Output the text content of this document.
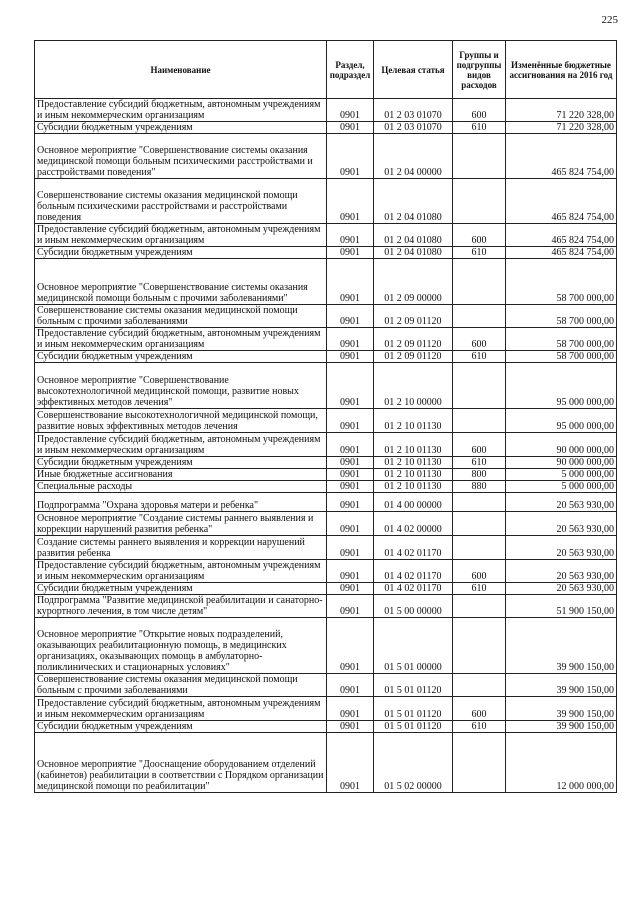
225
Наименование	Раздел, подраздел	Целевая статья	Группы и подгруппы видов расходов	Изменённые бюджетные ассигнования на 2016 год
Предоставление субсидий бюджетным, автономным учреждениям и иным некоммерческим организациям	0901	01 2 03 01070	600	71 220 328,00
Субсидии бюджетным учреждениям	0901	01 2 03 01070	610	71 220 328,00
Основное мероприятие "Совершенствование системы оказания медицинской помощи больным психическими расстройствами и расстройствами поведения"	0901	01 2 04 00000		465 824 754,00
Совершенствование системы оказания медицинской помощи больным психическими расстройствами и расстройствами поведения	0901	01 2 04 01080		465 824 754,00
Предоставление субсидий бюджетным, автономным учреждениям и иным некоммерческим организациям	0901	01 2 04 01080	600	465 824 754,00
Субсидии бюджетным учреждениям	0901	01 2 04 01080	610	465 824 754,00
Основное мероприятие "Совершенствование системы оказания медицинской помощи больным с прочими заболеваниями"	0901	01 2 09 00000		58 700 000,00
Совершенствование системы оказания медицинской помощи больным с прочими заболеваниями	0901	01 2 09 01120		58 700 000,00
Предоставление субсидий бюджетным, автономным учреждениям и иным некоммерческим организациям	0901	01 2 09 01120	600	58 700 000,00
Субсидии бюджетным учреждениям	0901	01 2 09 01120	610	58 700 000,00
Основное мероприятие "Совершенствование высокотехнологичной медицинской помощи, развитие новых эффективных методов лечения"	0901	01 2 10 00000		95 000 000,00
Совершенствование высокотехнологичной медицинской помощи, развитие новых эффективных методов лечения	0901	01 2 10 01130		95 000 000,00
Предоставление субсидий бюджетным, автономным учреждениям и иным некоммерческим организациям	0901	01 2 10 01130	600	90 000 000,00
Субсидии бюджетным учреждениям	0901	01 2 10 01130	610	90 000 000,00
Иные бюджетные ассигнования	0901	01 2 10 01130	800	5 000 000,00
Специальные расходы	0901	01 2 10 01130	880	5 000 000,00
Подпрограмма "Охрана здоровья матери и ребенка"	0901	01 4 00 00000		20 563 930,00
Основное мероприятие "Создание системы раннего выявления и коррекции нарушений развития ребенка"	0901	01 4 02 00000		20 563 930,00
Создание системы раннего выявления и коррекции нарушений развития ребенка	0901	01 4 02 01170		20 563 930,00
Предоставление субсидий бюджетным, автономным учреждениям и иным некоммерческим организациям	0901	01 4 02 01170	600	20 563 930,00
Субсидии бюджетным учреждениям	0901	01 4 02 01170	610	20 563 930,00
Подпрограмма "Развитие медицинской реабилитации и санаторно-курортного лечения, в том числе детям"	0901	01 5 00 00000		51 900 150,00
Основное мероприятие "Открытие новых подразделений, оказывающих реабилитационную помощь, в медицинских организациях, оказывающих помощь в амбулаторно-поликлинических и стационарных условиях"	0901	01 5 01 00000		39 900 150,00
Совершенствование системы оказания медицинской помощи больным с прочими заболеваниями	0901	01 5 01 01120		39 900 150,00
Предоставление субсидий бюджетным, автономным учреждениям и иным некоммерческим организациям	0901	01 5 01 01120	600	39 900 150,00
Субсидии бюджетным учреждениям	0901	01 5 01 01120	610	39 900 150,00
Основное мероприятие "Дооснащение оборудованием отделений (кабинетов) реабилитации в соответствии с Порядком организации медицинской помощи по реабилитации"	0901	01 5 02 00000		12 000 000,00
